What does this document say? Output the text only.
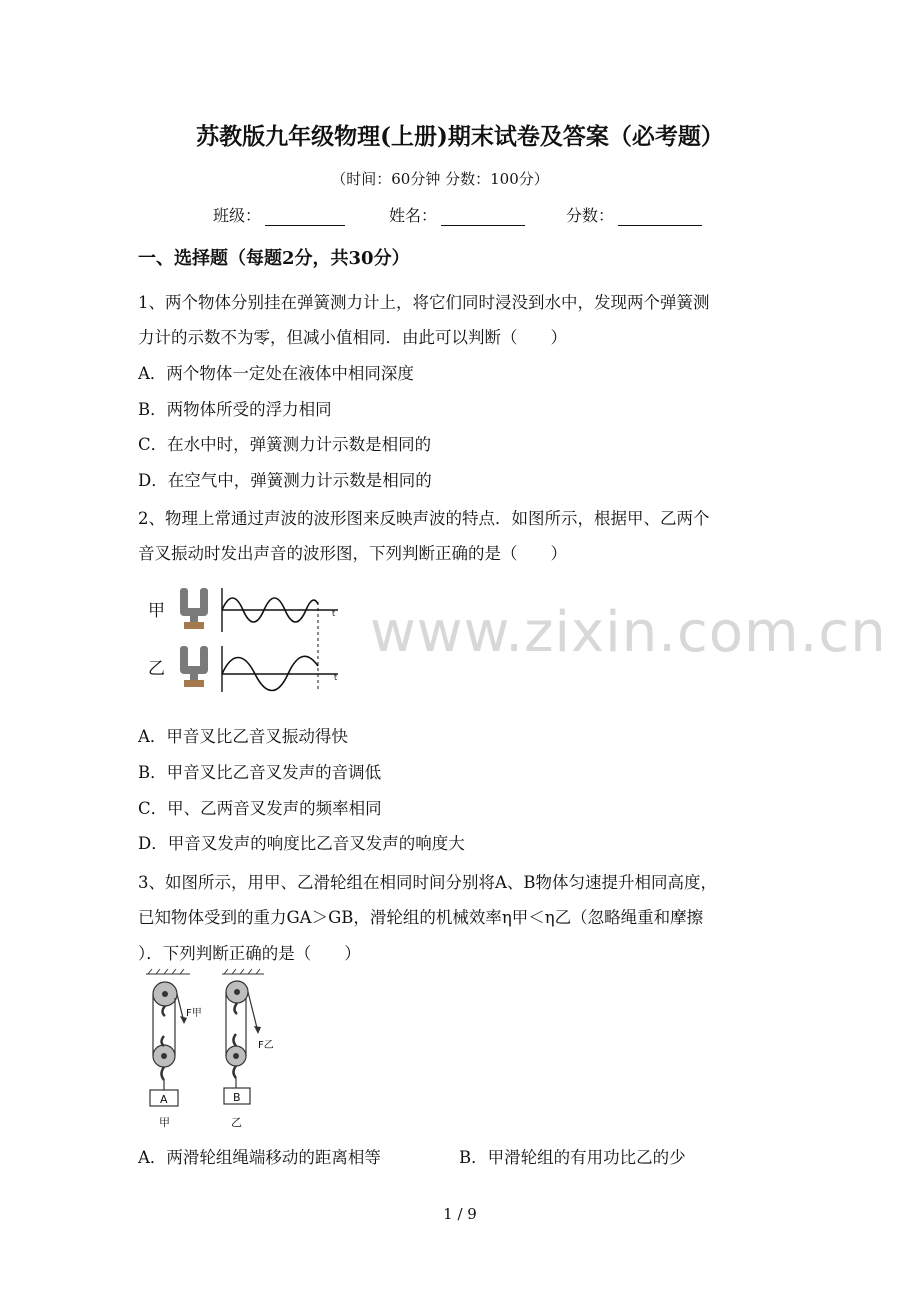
苏教版九年级物理(上册)期末试卷及答案（必考题）
（时间：60分钟 分数：100分）
班级：	姓名：	分数：
一、选择题（每题2分，共30分）
1、两个物体分别挂在弹簧测力计上，将它们同时浸没到水中，发现两个弹簧测
力计的示数不为零，但减小值相同．由此可以判断（　　）
A．两个物体一定处在液体中相同深度
B．两物体所受的浮力相同
C．在水中时，弹簧测力计示数是相同的
D．在空气中，弹簧测力计示数是相同的
2、物理上常通过声波的波形图来反映声波的特点．如图所示，根据甲、乙两个
音叉振动时发出声音的波形图，下列判断正确的是（　　）
www.zixin.com.cn
甲
乙
t
t
A．甲音叉比乙音叉振动得快
B．甲音叉比乙音叉发声的音调低
C．甲、乙两音叉发声的频率相同
D．甲音叉发声的响度比乙音叉发声的响度大
3、如图所示，用甲、乙滑轮组在相同时间分别将A、B物体匀速提升相同高度，
已知物体受到的重力GA＞GB，滑轮组的机械效率η甲＜η乙（忽略绳重和摩擦
）．下列判断正确的是（　　）
F甲
A
甲
F乙
B
乙
A．两滑轮组绳端移动的距离相等	B．甲滑轮组的有用功比乙的少
1 / 9
